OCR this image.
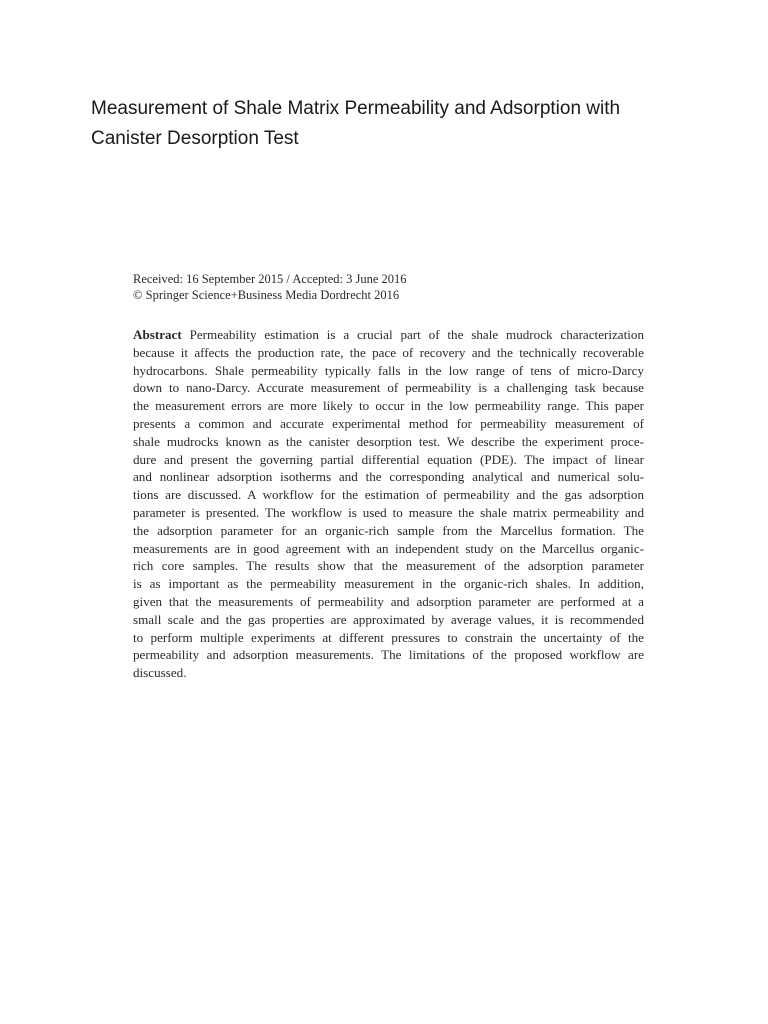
Measurement of Shale Matrix Permeability and Adsorption with
Canister Desorption Test
Received: 16 September 2015 / Accepted: 3 June 2016
© Springer Science+Business Media Dordrecht 2016
Abstract Permeability estimation is a crucial part of the shale mudrock characterization
because it affects the production rate, the pace of recovery and the technically recoverable
hydrocarbons. Shale permeability typically falls in the low range of tens of micro-Darcy
down to nano-Darcy. Accurate measurement of permeability is a challenging task because
the measurement errors are more likely to occur in the low permeability range. This paper
presents a common and accurate experimental method for permeability measurement of
shale mudrocks known as the canister desorption test. We describe the experiment proce-
dure and present the governing partial differential equation (PDE). The impact of linear
and nonlinear adsorption isotherms and the corresponding analytical and numerical solu-
tions are discussed. A workflow for the estimation of permeability and the gas adsorption
parameter is presented. The workflow is used to measure the shale matrix permeability and
the adsorption parameter for an organic-rich sample from the Marcellus formation. The
measurements are in good agreement with an independent study on the Marcellus organic-
rich core samples. The results show that the measurement of the adsorption parameter
is as important as the permeability measurement in the organic-rich shales. In addition,
given that the measurements of permeability and adsorption parameter are performed at a
small scale and the gas properties are approximated by average values, it is recommended
to perform multiple experiments at different pressures to constrain the uncertainty of the
permeability and adsorption measurements. The limitations of the proposed workflow are
discussed.
